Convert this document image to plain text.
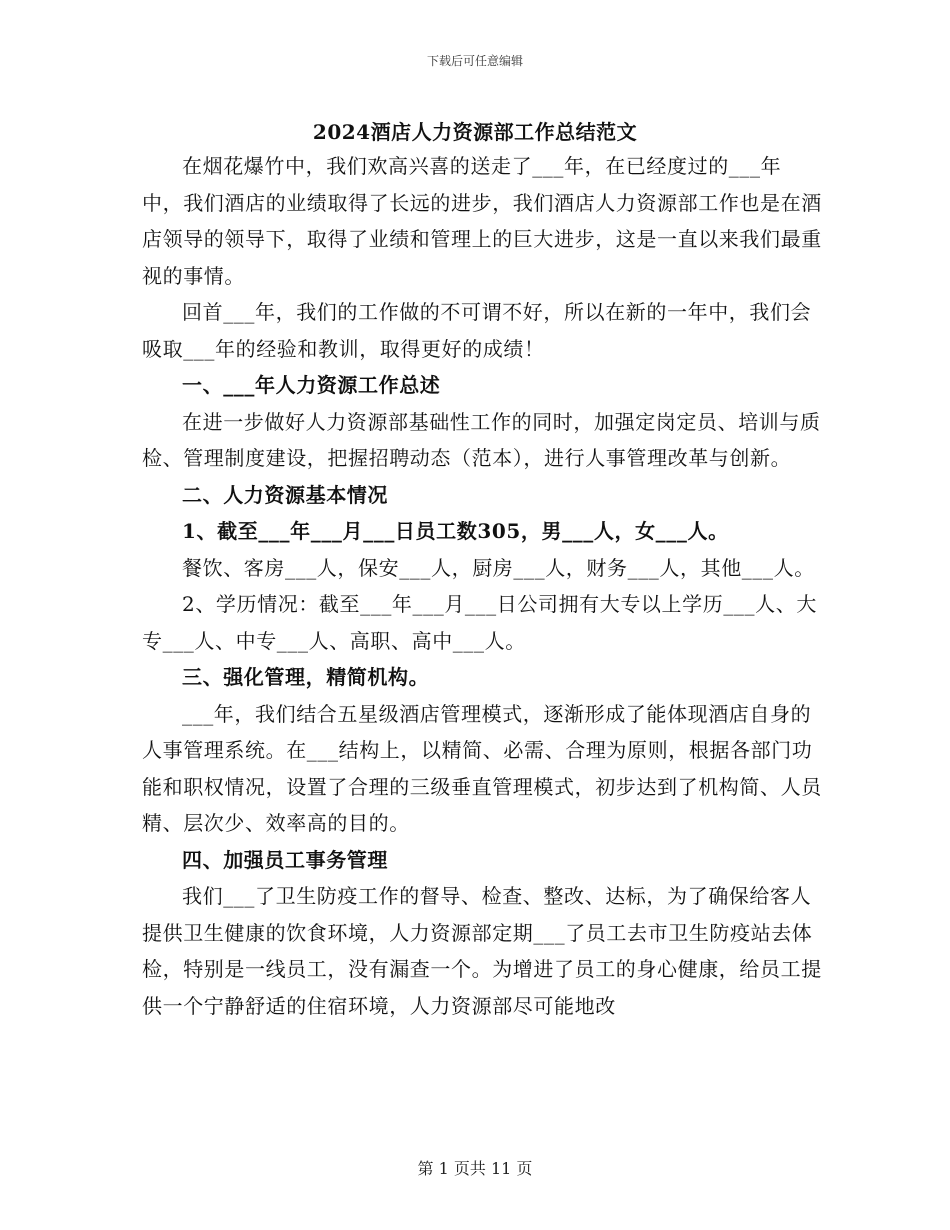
下载后可任意编辑
2024酒店人力资源部工作总结范文

在烟花爆竹中，我们欢高兴喜的送走了___年，在已经度过的___年中，我们酒店的业绩取得了长远的进步，我们酒店人力资源部工作也是在酒店领导的领导下，取得了业绩和管理上的巨大进步，这是一直以来我们最重视的事情。

回首___年，我们的工作做的不可谓不好，所以在新的一年中，我们会吸取___年的经验和教训，取得更好的成绩！

一、___年人力资源工作总述

在进一步做好人力资源部基础性工作的同时，加强定岗定员、培训与质检、管理制度建设，把握招聘动态（范本），进行人事管理改革与创新。

二、人力资源基本情况

1、截至___年___月___日员工数305，男___人，女___人。

餐饮、客房___人，保安___人，厨房___人，财务___人，其他___人。

2、学历情况：截至___年___月___日公司拥有大专以上学历___人、大专___人、中专___人、高职、高中___人。

三、强化管理，精简机构。

___年，我们结合五星级酒店管理模式，逐渐形成了能体现酒店自身的人事管理系统。在___结构上，以精简、必需、合理为原则，根据各部门功能和职权情况，设置了合理的三级垂直管理模式，初步达到了机构简、人员精、层次少、效率高的目的。

四、加强员工事务管理

我们___了卫生防疫工作的督导、检查、整改、达标，为了确保给客人提供卫生健康的饮食环境，人力资源部定期___了员工去市卫生防疫站去体检，特别是一线员工，没有漏查一个。为增进了员工的身心健康，给员工提供一个宁静舒适的住宿环境，人力资源部尽可能地改

第 1 页共 11 页
